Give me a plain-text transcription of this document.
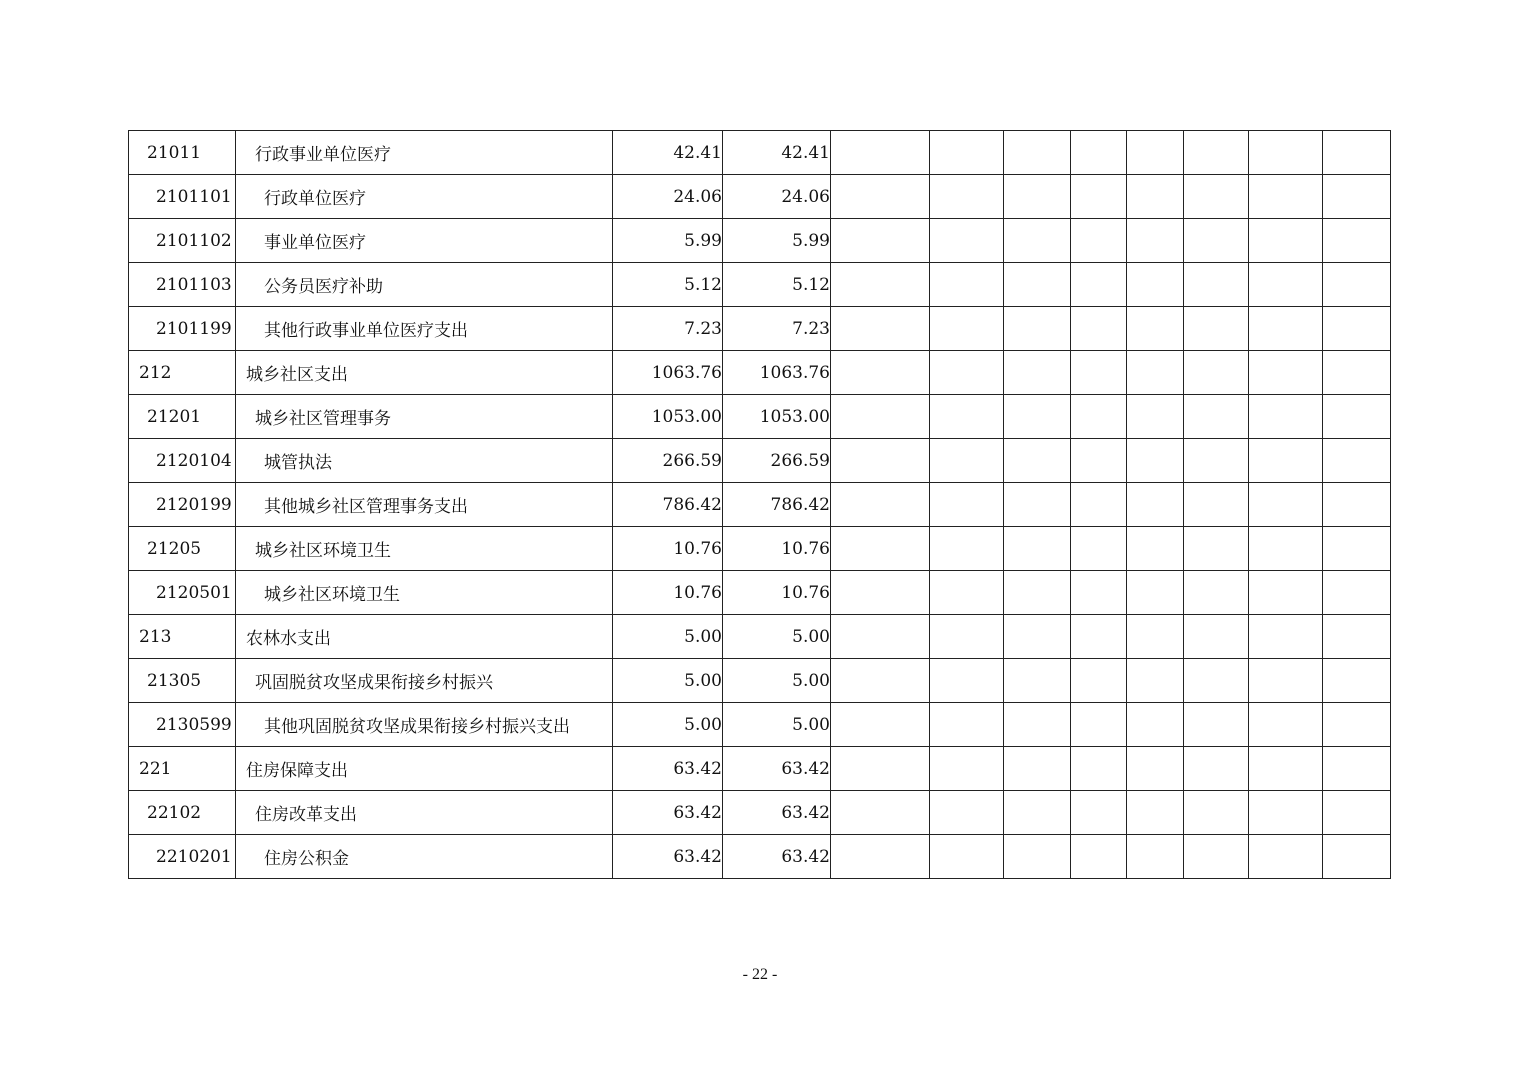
21011	行政事业单位医疗	42.41	42.41								
2101101	行政单位医疗	24.06	24.06								
2101102	事业单位医疗	5.99	5.99								
2101103	公务员医疗补助	5.12	5.12								
2101199	其他行政事业单位医疗支出	7.23	7.23								
212	城乡社区支出	1063.76	1063.76								
21201	城乡社区管理事务	1053.00	1053.00								
2120104	城管执法	266.59	266.59								
2120199	其他城乡社区管理事务支出	786.42	786.42								
21205	城乡社区环境卫生	10.76	10.76								
2120501	城乡社区环境卫生	10.76	10.76								
213	农林水支出	5.00	5.00								
21305	巩固脱贫攻坚成果衔接乡村振兴	5.00	5.00								
2130599	其他巩固脱贫攻坚成果衔接乡村振兴支出	5.00	5.00								
221	住房保障支出	63.42	63.42								
22102	住房改革支出	63.42	63.42								
2210201	住房公积金	63.42	63.42								
- 22 -
